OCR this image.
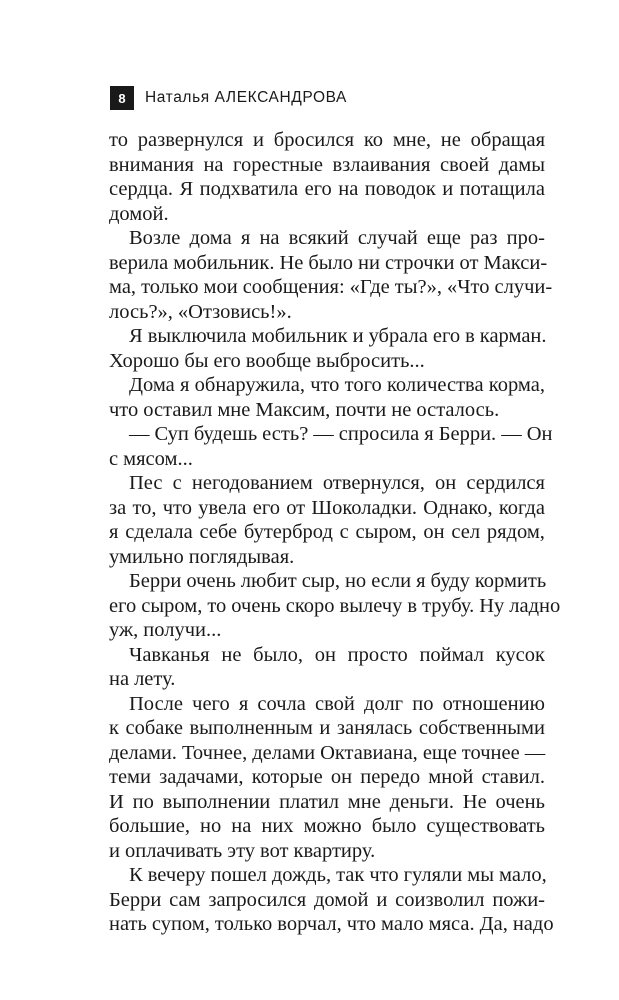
8	Наталья АЛЕКСАНДРОВА
то развернулся и бросился ко мне, не обращая
внимания на горестные взлаивания своей дамы
сердца. Я подхватила его на поводок и потащила
домой.
Возле дома я на всякий случай еще раз про-
верила мобильник. Не было ни строчки от Макси-
ма, только мои сообщения: «Где ты?», «Что случи-
лось?», «Отзовись!».
Я выключила мобильник и убрала его в карман.
Хорошо бы его вообще выбросить...
Дома я обнаружила, что того количества корма,
что оставил мне Максим, почти не осталось.
— Суп будешь есть? — спросила я Берри. — Он
с мясом...
Пес с негодованием отвернулся, он сердился
за то, что увела его от Шоколадки. Однако, когда
я сделала себе бутерброд с сыром, он сел рядом,
умильно поглядывая.
Берри очень любит сыр, но если я буду кормить
его сыром, то очень скоро вылечу в трубу. Ну ладно
уж, получи...
Чавканья не было, он просто поймал кусок
на лету.
После чего я сочла свой долг по отношению
к собаке выполненным и занялась собственными
делами. Точнее, делами Октавиана, еще точнее —
теми задачами, которые он передо мной ставил.
И по выполнении платил мне деньги. Не очень
большие, но на них можно было существовать
и оплачивать эту вот квартиру.
К вечеру пошел дождь, так что гуляли мы мало,
Берри сам запросился домой и соизволил пожи-
нать супом, только ворчал, что мало мяса. Да, надо
